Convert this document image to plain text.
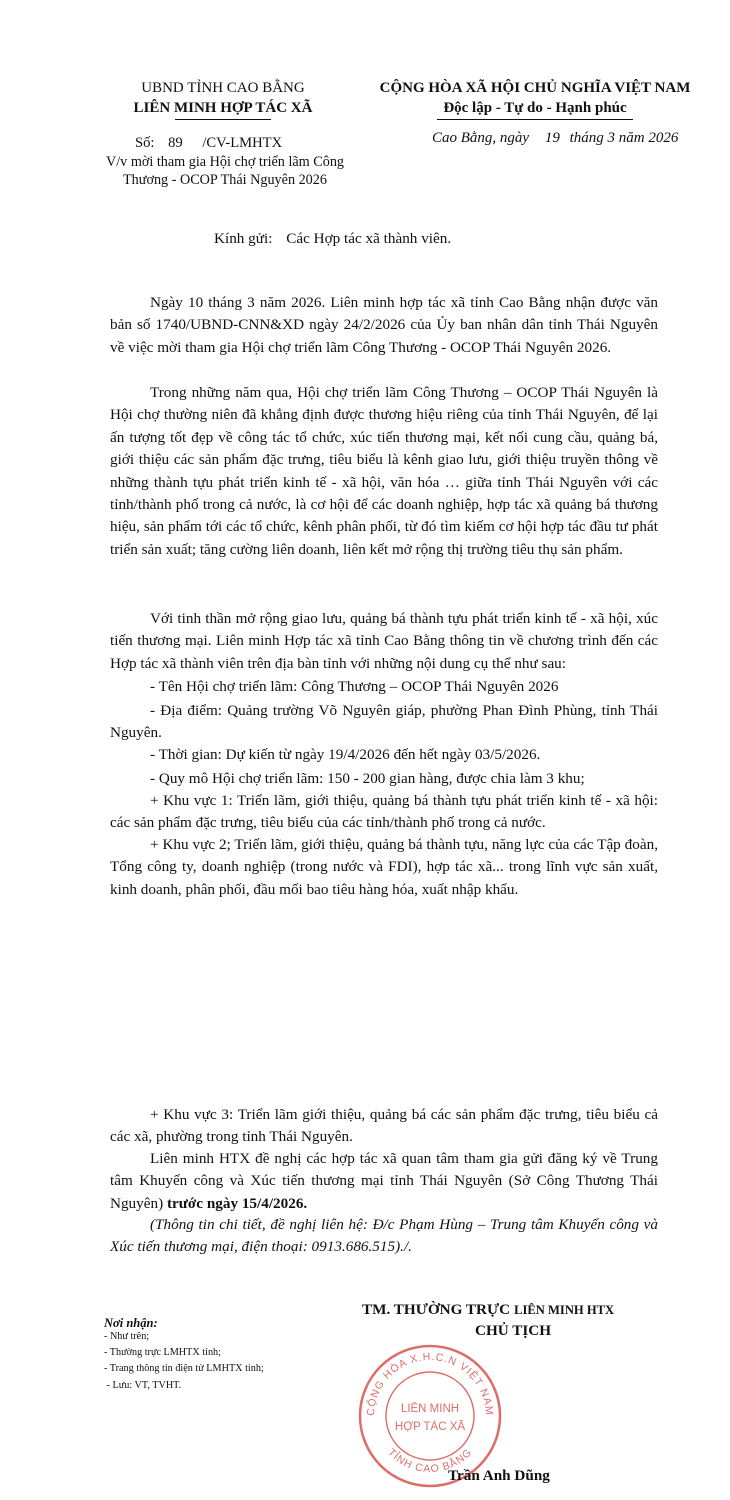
UBND TỈNH CAO BẰNG
LIÊN MINH HỢP TÁC XÃ
Số: 89 /CV-LMHTX
V/v mời tham gia Hội chợ triển lãm Công
Thương - OCOP Thái Nguyên 2026
CỘNG HÒA XÃ HỘI CHỦ NGHĨA VIỆT NAM
Độc lập - Tự do - Hạnh phúc
Cao Bằng, ngày 19 tháng 3 năm 2026
Kính gửi: Các Hợp tác xã thành viên.

Ngày 10 tháng 3 năm 2026. Liên minh hợp tác xã tỉnh Cao Bằng nhận được văn bản số 1740/UBND-CNN&XD ngày 24/2/2026 của Ủy ban nhân dân tỉnh Thái Nguyên về việc mời tham gia Hội chợ triển lãm Công Thương - OCOP Thái Nguyên 2026.

Trong những năm qua, Hội chợ triển lãm Công Thương – OCOP Thái Nguyên là Hội chợ thường niên đã khẳng định được thương hiệu riêng của tỉnh Thái Nguyên, để lại ấn tượng tốt đẹp về công tác tổ chức, xúc tiến thương mại, kết nối cung cầu, quảng bá, giới thiệu các sản phẩm đặc trưng, tiêu biểu là kênh giao lưu, giới thiệu truyền thông về những thành tựu phát triển kinh tế - xã hội, văn hóa … giữa tỉnh Thái Nguyên với các tỉnh/thành phố trong cả nước, là cơ hội để các doanh nghiệp, hợp tác xã quảng bá thương hiệu, sản phẩm tới các tổ chức, kênh phân phối, từ đó tìm kiếm cơ hội hợp tác đầu tư phát triển sản xuất; tăng cường liên doanh, liên kết mở rộng thị trường tiêu thụ sản phẩm.

Với tinh thần mở rộng giao lưu, quảng bá thành tựu phát triển kinh tế - xã hội, xúc tiến thương mại. Liên minh Hợp tác xã tỉnh Cao Bằng thông tin về chương trình đến các Hợp tác xã thành viên trên địa bàn tỉnh với những nội dung cụ thể như sau:

- Tên Hội chợ triển lãm: Công Thương – OCOP Thái Nguyên 2026

- Địa điểm: Quảng trường Võ Nguyên giáp, phường Phan Đình Phùng, tỉnh Thái Nguyên.

- Thời gian: Dự kiến từ ngày 19/4/2026 đến hết ngày 03/5/2026.

- Quy mô Hội chợ triển lãm: 150 - 200 gian hàng, được chia làm 3 khu;

+ Khu vực 1: Triển lãm, giới thiệu, quảng bá thành tựu phát triển kinh tế - xã hội: các sản phẩm đặc trưng, tiêu biểu của các tỉnh/thành phố trong cả nước.

+ Khu vực 2; Triển lãm, giới thiệu, quảng bá thành tựu, năng lực của các Tập đoàn, Tổng công ty, doanh nghiệp (trong nước và FDI), hợp tác xã... trong lĩnh vực sản xuất, kinh doanh, phân phối, đầu mối bao tiêu hàng hóa, xuất nhập khẩu.

+ Khu vực 3: Triển lãm giới thiệu, quảng bá các sản phẩm đặc trưng, tiêu biểu cả các xã, phường trong tỉnh Thái Nguyên.

Liên minh HTX đề nghị các hợp tác xã quan tâm tham gia gửi đăng ký về Trung tâm Khuyến công và Xúc tiến thương mại tỉnh Thái Nguyên (Sở Công Thương Thái Nguyên) trước ngày 15/4/2026.

(Thông tin chi tiết, đề nghị liên hệ: Đ/c Phạm Hùng – Trung tâm Khuyến công và Xúc tiến thương mại, điện thoại: 0913.686.515)./.

Nơi nhận:
- Như trên;
- Thường trực LMHTX tỉnh;
- Trang thông tin điện tử LMHTX tỉnh;
- Lưu: VT, TVHT.
TM. THƯỜNG TRỰC LIÊN MINH HTX
CHỦ TỊCH
CỘNG HÒA X.H.C.N VIỆT NAM
TỈNH CAO BẰNG
LIÊN MINH
HỢP TÁC XÃ
Trần Anh Dũng
